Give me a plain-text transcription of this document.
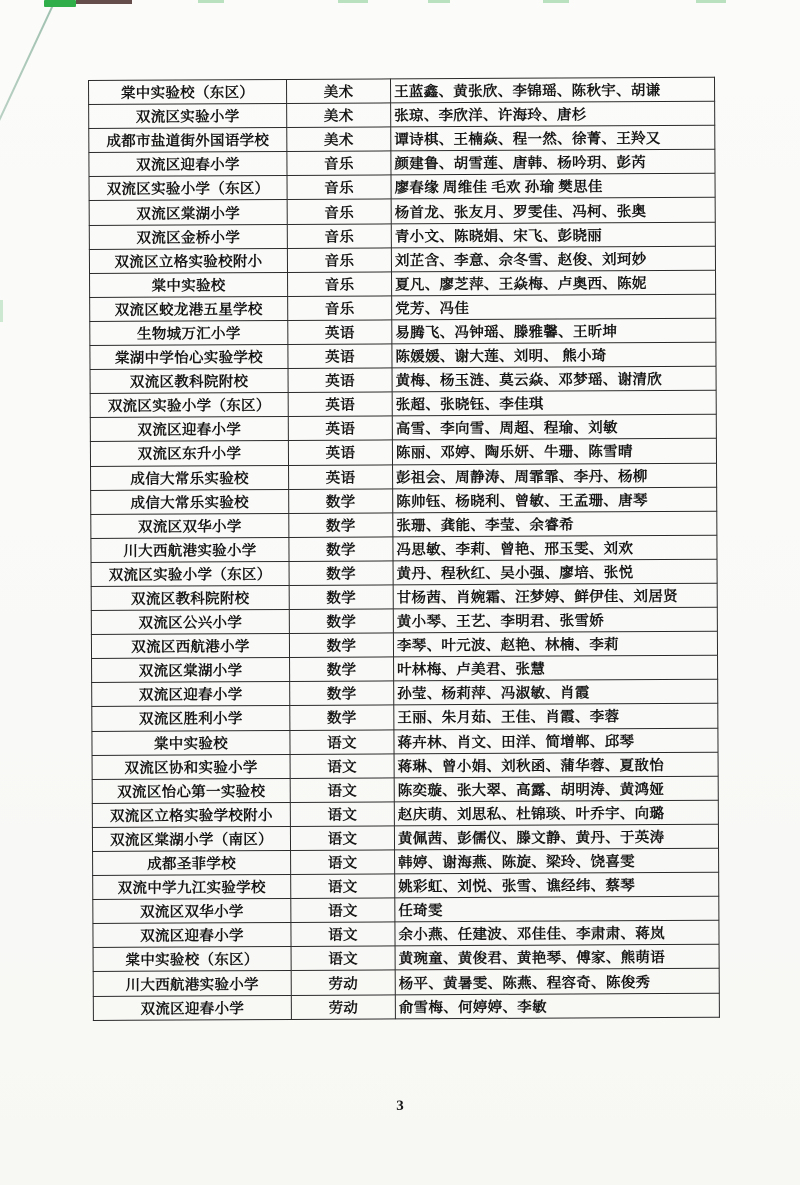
棠中实验校（东区）	美术	王蓝鑫、黄张欣、李锦瑶、陈秋宇、胡谦
双流区实验小学	美术	张琼、李欣洋、许海玲、唐杉
成都市盐道街外国语学校	美术	谭诗棋、王楠焱、程一然、徐菁、王羚又
双流区迎春小学	音乐	颜建鲁、胡雪莲、唐韩、杨吟玥、彭芮
双流区实验小学（东区）	音乐	廖春缘 周维佳 毛欢 孙瑜 樊思佳
双流区棠湖小学	音乐	杨首龙、张友月、罗雯佳、冯柯、张奥
双流区金桥小学	音乐	青小文、陈晓娟、宋飞、彭晓丽
双流区立格实验校附小	音乐	刘芷含、李意、佘冬雪、赵俊、刘珂妙
棠中实验校	音乐	夏凡、廖芝萍、王焱梅、卢奥西、陈妮
双流区蛟龙港五星学校	音乐	党芳、冯佳
生物城万汇小学	英语	易腾飞、冯钟瑶、滕雅馨、王昕坤
棠湖中学怡心实验学校	英语	陈媛媛、谢大莲、刘明、 熊小琦
双流区教科院附校	英语	黄梅、杨玉涟、莫云焱、邓梦瑶、谢清欣
双流区实验小学（东区）	英语	张超、张晓钰、李佳琪
双流区迎春小学	英语	高雪、李向雪、周超、程瑜、刘敏
双流区东升小学	英语	陈丽、邓婷、陶乐妍、牛珊、陈雪晴
成信大常乐实验校	英语	彭祖会、周静涛、周霏霏、李丹、杨柳
成信大常乐实验校	数学	陈帅钰、杨晓利、曾敏、王孟珊、唐琴
双流区双华小学	数学	张珊、龚能、李莹、余睿希
川大西航港实验小学	数学	冯思敏、李莉、曾艳、邢玉雯、刘欢
双流区实验小学（东区）	数学	黄丹、程秋红、吴小强、廖培、张悦
双流区教科院附校	数学	甘杨茜、肖婉霜、汪梦婷、鲜伊佳、刘居贤
双流区公兴小学	数学	黄小琴、王艺、李明君、张雪娇
双流区西航港小学	数学	李琴、叶元波、赵艳、林楠、李莉
双流区棠湖小学	数学	叶林梅、卢美君、张慧
双流区迎春小学	数学	孙莹、杨莉萍、冯淑敏、肖霞
双流区胜利小学	数学	王丽、朱月茹、王佳、肖霞、李蓉
棠中实验校	语文	蒋卉林、肖文、田洋、简增郸、邱琴
双流区协和实验小学	语文	蒋琳、曾小娟、刘秋函、蒲华蓉、夏敔怡
双流区怡心第一实验校	语文	陈奕璇、张大翠、高露、胡明涛、黄鸿娅
双流区立格实验学校附小	语文	赵庆萌、刘思私、杜锦琰、叶乔宇、向璐
双流区棠湖小学（南区）	语文	黄佩茜、彭儒仪、滕文静、黄丹、于英涛
成都圣菲学校	语文	韩婷、谢海燕、陈旋、梁玲、饶喜雯
双流中学九江实验学校	语文	姚彩虹、刘悦、张雪、谯经纬、蔡琴
双流区双华小学	语文	任琦雯
双流区迎春小学	语文	余小燕、任建波、邓佳佳、李肃肃、蒋岚
棠中实验校（东区）	语文	黄琬童、黄俊君、黄艳琴、傅家、熊萌语
川大西航港实验小学	劳动	杨平、黄暑雯、陈燕、程容奇、陈俊秀
双流区迎春小学	劳动	俞雪梅、何婷婷、李敏
3
